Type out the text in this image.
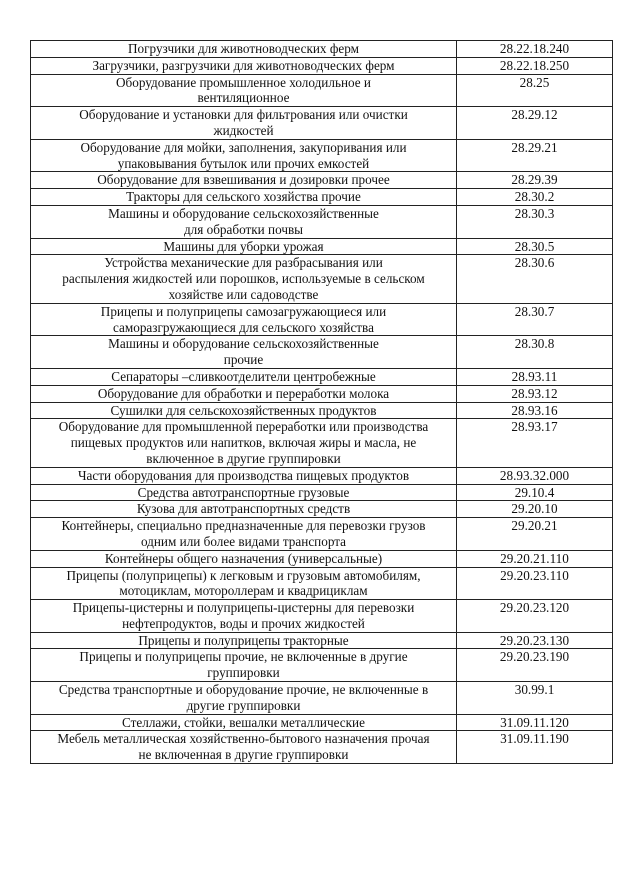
Погрузчики для животноводческих ферм	28.22.18.240
Загрузчики, разгрузчики для животноводческих ферм	28.22.18.250
Оборудование промышленное холодильное и
вентиляционное	28.25
Оборудование и установки для фильтрования или очистки
жидкостей	28.29.12
Оборудование для мойки, заполнения, закупоривания или
упаковывания бутылок или прочих емкостей	28.29.21
Оборудование для взвешивания и дозировки прочее	28.29.39
Тракторы для сельского хозяйства прочие	28.30.2
Машины и оборудование сельскохозяйственные
для обработки почвы	28.30.3
Машины для уборки урожая	28.30.5
Устройства механические для разбрасывания или
распыления жидкостей или порошков, используемые в сельском
хозяйстве или садоводстве	28.30.6
Прицепы и полуприцепы самозагружающиеся или
саморазгружающиеся для сельского хозяйства	28.30.7
Машины и оборудование сельскохозяйственные
прочие	28.30.8
Сепараторы –сливкоотделители центробежные	28.93.11
Оборудование для обработки и переработки молока	28.93.12
Сушилки для сельскохозяйственных продуктов	28.93.16
Оборудование для промышленной переработки или производства
пищевых продуктов или напитков, включая жиры и масла, не
включенное в другие группировки	28.93.17
Части оборудования для производства пищевых продуктов	28.93.32.000
Средства автотранспортные грузовые	29.10.4
Кузова для автотранспортных средств	29.20.10
Контейнеры, специально предназначенные для перевозки грузов
одним или более видами транспорта	29.20.21
Контейнеры общего назначения (универсальные)	29.20.21.110
Прицепы (полуприцепы) к легковым и грузовым автомобилям,
мотоциклам, мотороллерам и квадрициклам	29.20.23.110
Прицепы-цистерны и полуприцепы-цистерны для перевозки
нефтепродуктов, воды и прочих жидкостей	29.20.23.120
Прицепы и полуприцепы тракторные	29.20.23.130
Прицепы и полуприцепы прочие, не включенные в другие
группировки	29.20.23.190
Средства транспортные и оборудование прочие, не включенные в
другие группировки	30.99.1
Стеллажи, стойки, вешалки металлические	31.09.11.120
Мебель металлическая хозяйственно-бытового назначения прочая
не включенная в другие группировки	31.09.11.190
